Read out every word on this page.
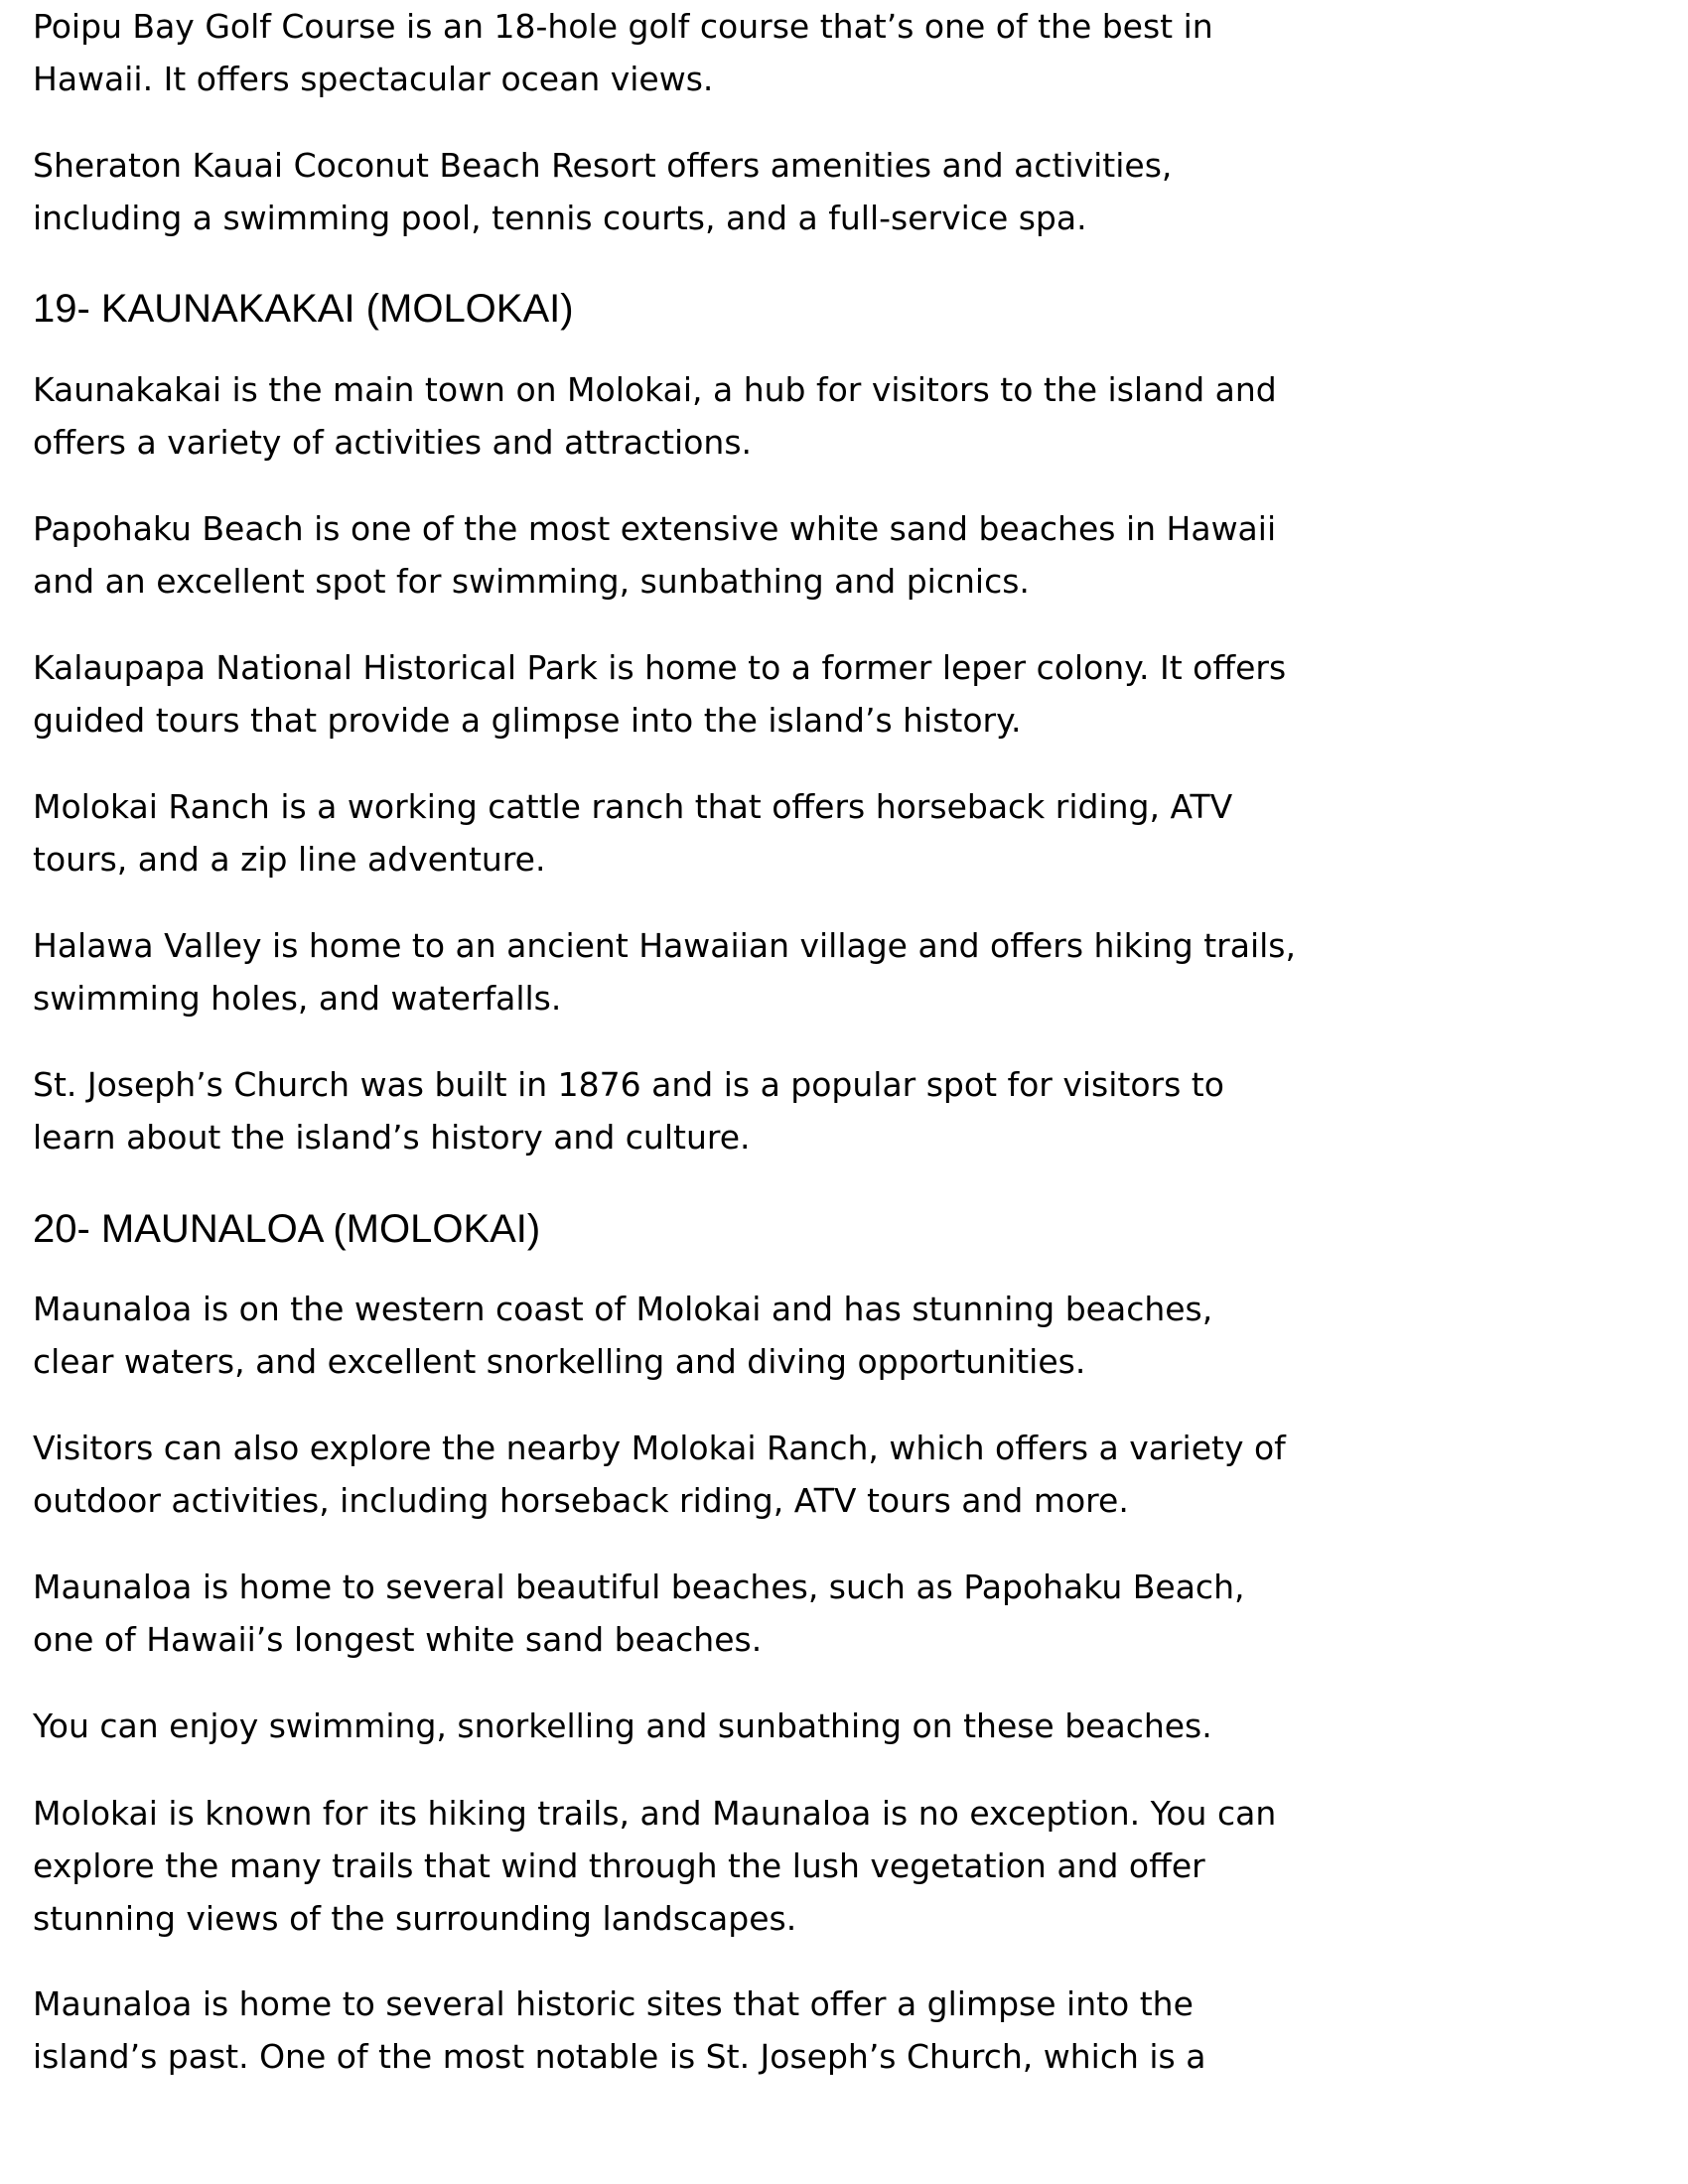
Poipu Bay Golf Course is an 18-hole golf course that’s one of the best in
Hawaii. It offers spectacular ocean views.

Sheraton Kauai Coconut Beach Resort offers amenities and activities,
including a swimming pool, tennis courts, and a full-service spa.

19- KAUNAKAKAI (MOLOKAI)

Kaunakakai is the main town on Molokai, a hub for visitors to the island and
offers a variety of activities and attractions.

Papohaku Beach is one of the most extensive white sand beaches in Hawaii
and an excellent spot for swimming, sunbathing and picnics.

Kalaupapa National Historical Park is home to a former leper colony. It offers
guided tours that provide a glimpse into the island’s history.

Molokai Ranch is a working cattle ranch that offers horseback riding, ATV
tours, and a zip line adventure.

Halawa Valley is home to an ancient Hawaiian village and offers hiking trails,
swimming holes, and waterfalls.

St. Joseph’s Church was built in 1876 and is a popular spot for visitors to
learn about the island’s history and culture.

20- MAUNALOA (MOLOKAI)

Maunaloa is on the western coast of Molokai and has stunning beaches,
clear waters, and excellent snorkelling and diving opportunities.

Visitors can also explore the nearby Molokai Ranch, which offers a variety of
outdoor activities, including horseback riding, ATV tours and more.

Maunaloa is home to several beautiful beaches, such as Papohaku Beach,
one of Hawaii’s longest white sand beaches.

You can enjoy swimming, snorkelling and sunbathing on these beaches.

Molokai is known for its hiking trails, and Maunaloa is no exception. You can
explore the many trails that wind through the lush vegetation and offer
stunning views of the surrounding landscapes.

Maunaloa is home to several historic sites that offer a glimpse into the
island’s past. One of the most notable is St. Joseph’s Church, which is a
